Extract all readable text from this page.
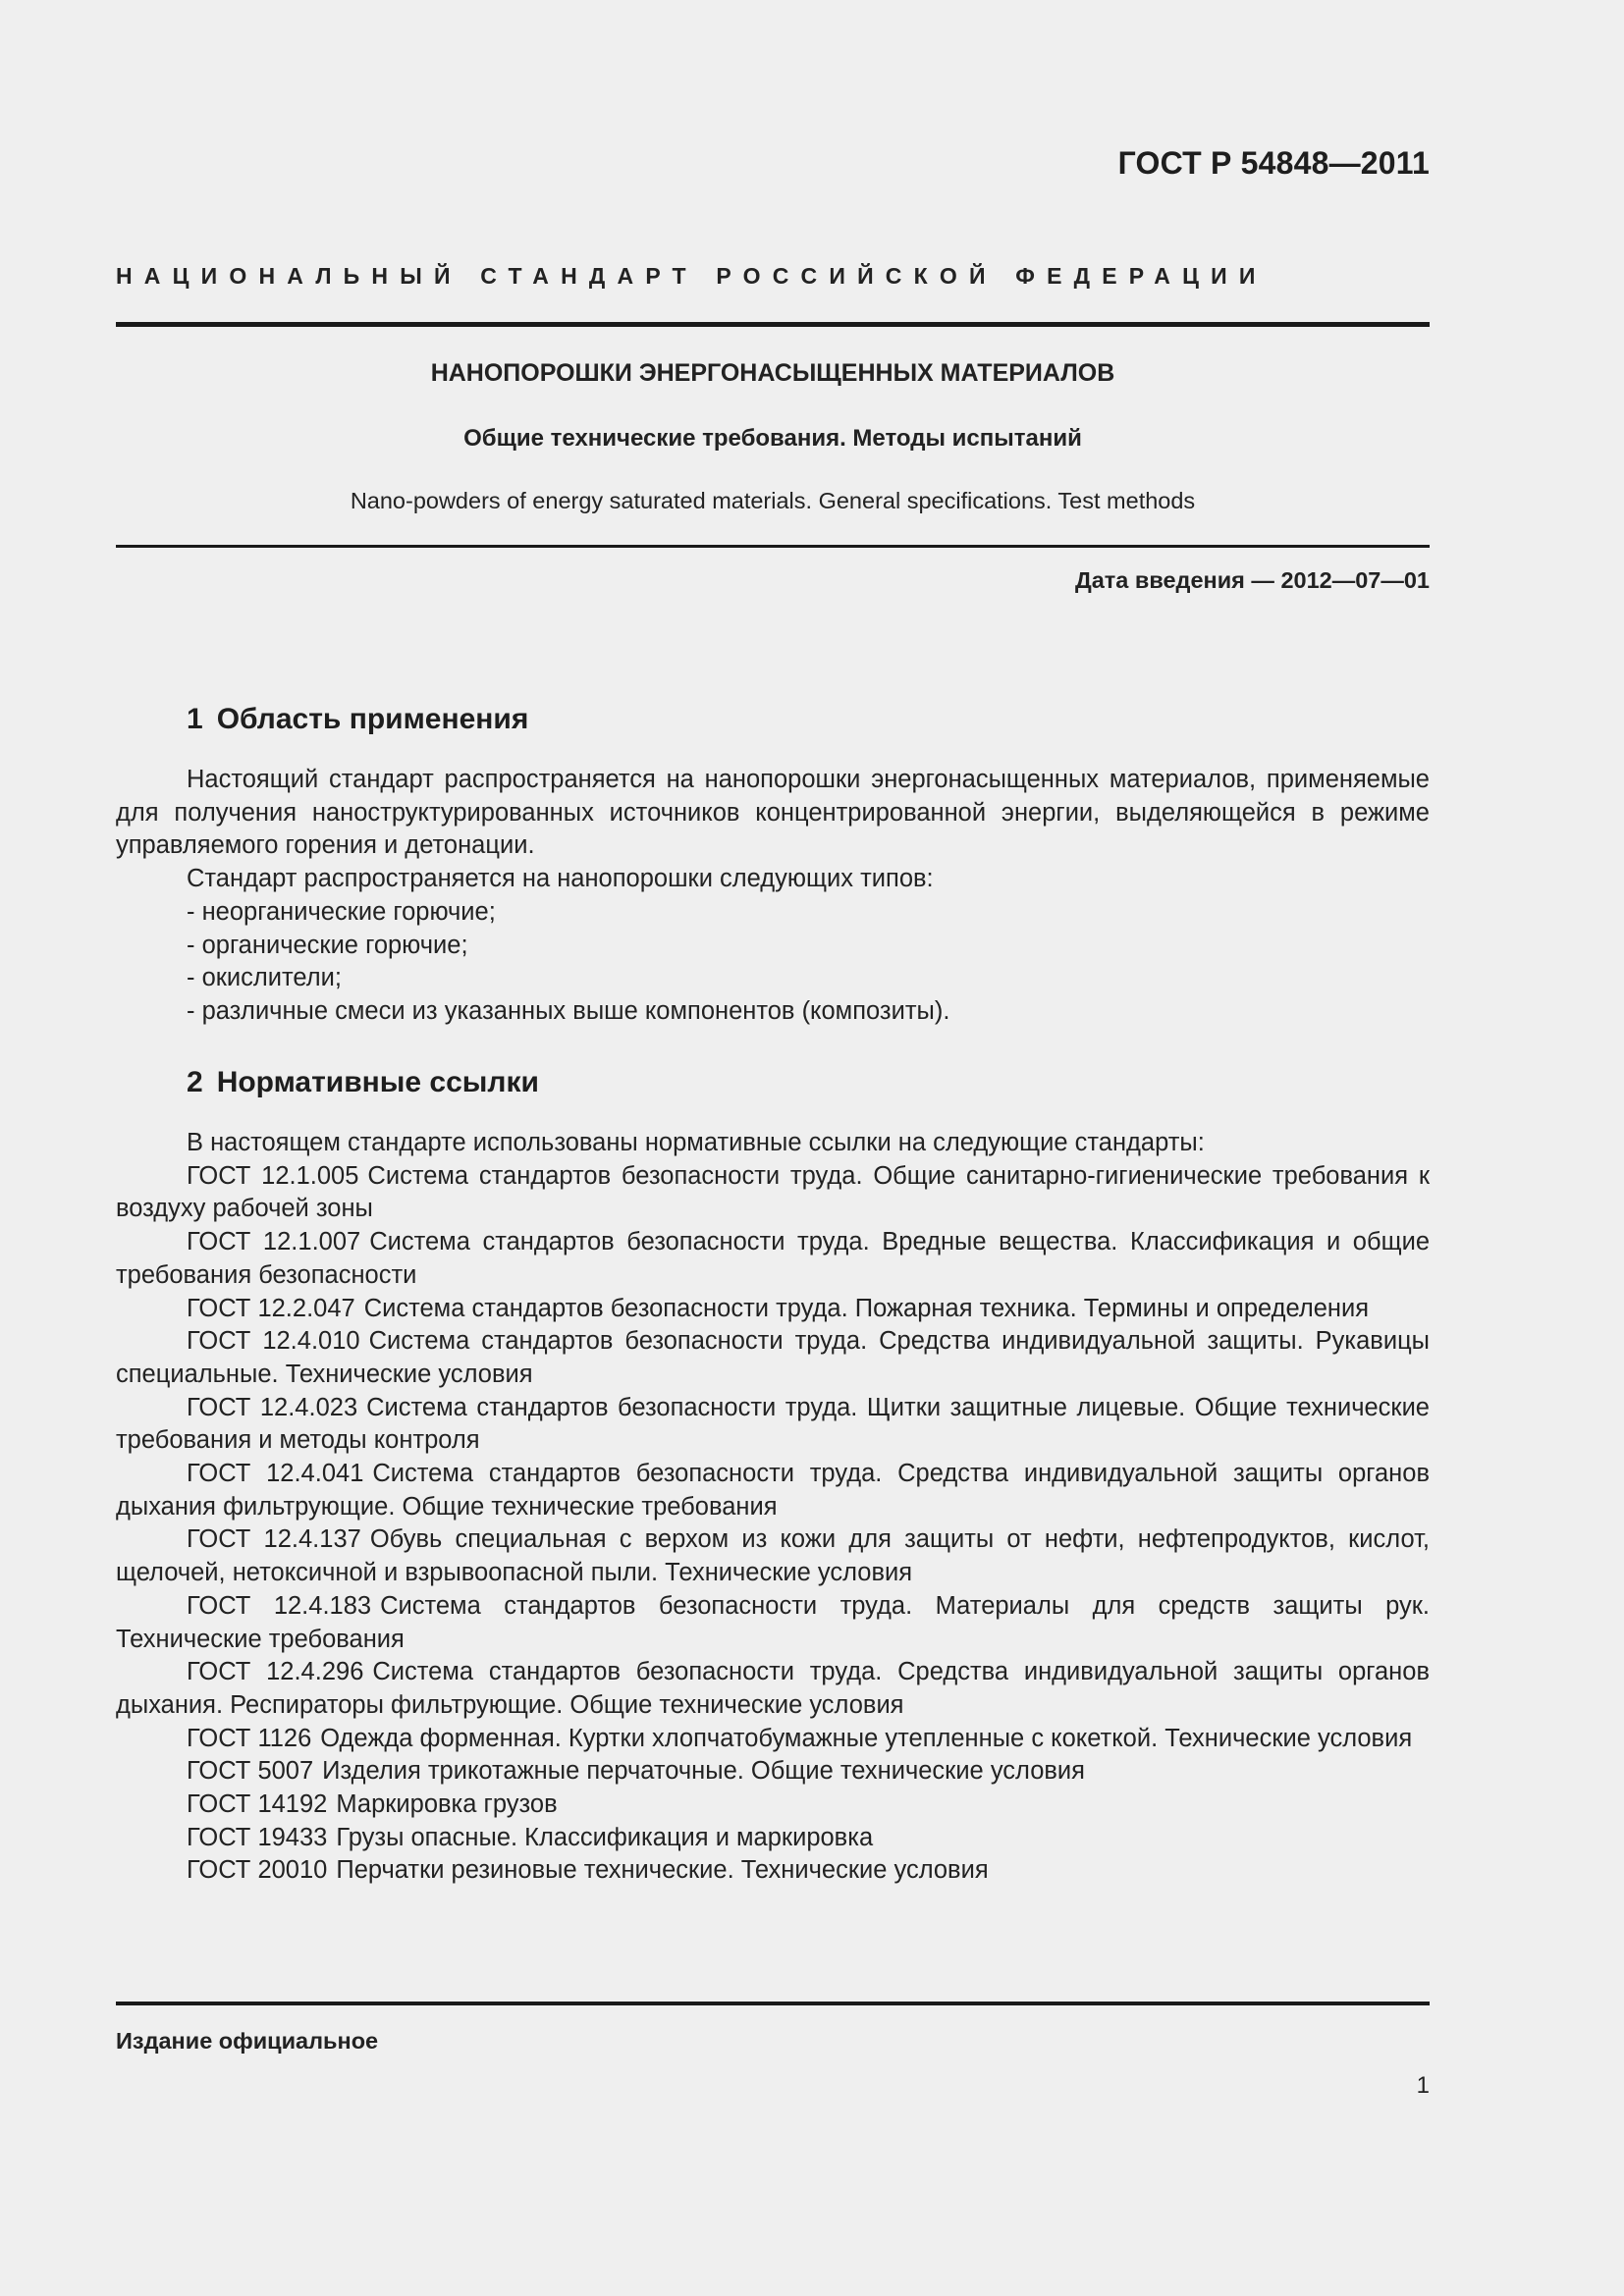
ГОСТ Р 54848—2011
НАЦИОНАЛЬНЫЙ СТАНДАРТ РОССИЙСКОЙ ФЕДЕРАЦИИ
НАНОПОРОШКИ ЭНЕРГОНАСЫЩЕННЫХ МАТЕРИАЛОВ
Общие технические требования. Методы испытаний
Nano-powders of energy saturated materials. General specifications. Test methods
Дата введения — 2012—07—01
1 Область применения

Настоящий стандарт распространяется на нанопорошки энергонасыщенных материалов, применяемые для получения наноструктурированных источников концентрированной энергии, выделяющейся в режиме управляемого горения и детонации.

Стандарт распространяется на нанопорошки следующих типов:

- неорганические горючие;

- органические горючие;

- окислители;

- различные смеси из указанных выше компонентов (композиты).

2 Нормативные ссылки

В настоящем стандарте использованы нормативные ссылки на следующие стандарты:

ГОСТ 12.1.005 Система стандартов безопасности труда. Общие санитарно-гигиенические требования к воздуху рабочей зоны

ГОСТ 12.1.007 Система стандартов безопасности труда. Вредные вещества. Классификация и общие требования безопасности

ГОСТ 12.2.047 Система стандартов безопасности труда. Пожарная техника. Термины и определения

ГОСТ 12.4.010 Система стандартов безопасности труда. Средства индивидуальной защиты. Рукавицы специальные. Технические условия

ГОСТ 12.4.023 Система стандартов безопасности труда. Щитки защитные лицевые. Общие технические требования и методы контроля

ГОСТ 12.4.041 Система стандартов безопасности труда. Средства индивидуальной защиты органов дыхания фильтрующие. Общие технические требования

ГОСТ 12.4.137 Обувь специальная с верхом из кожи для защиты от нефти, нефтепродуктов, кислот, щелочей, нетоксичной и взрывоопасной пыли. Технические условия

ГОСТ 12.4.183 Система стандартов безопасности труда. Материалы для средств защиты рук. Технические требования

ГОСТ 12.4.296 Система стандартов безопасности труда. Средства индивидуальной защиты органов дыхания. Респираторы фильтрующие. Общие технические условия

ГОСТ 1126 Одежда форменная. Куртки хлопчатобумажные утепленные с кокеткой. Технические условия

ГОСТ 5007 Изделия трикотажные перчаточные. Общие технические условия

ГОСТ 14192 Маркировка грузов

ГОСТ 19433 Грузы опасные. Классификация и маркировка

ГОСТ 20010 Перчатки резиновые технические. Технические условия

Издание официальное
1
